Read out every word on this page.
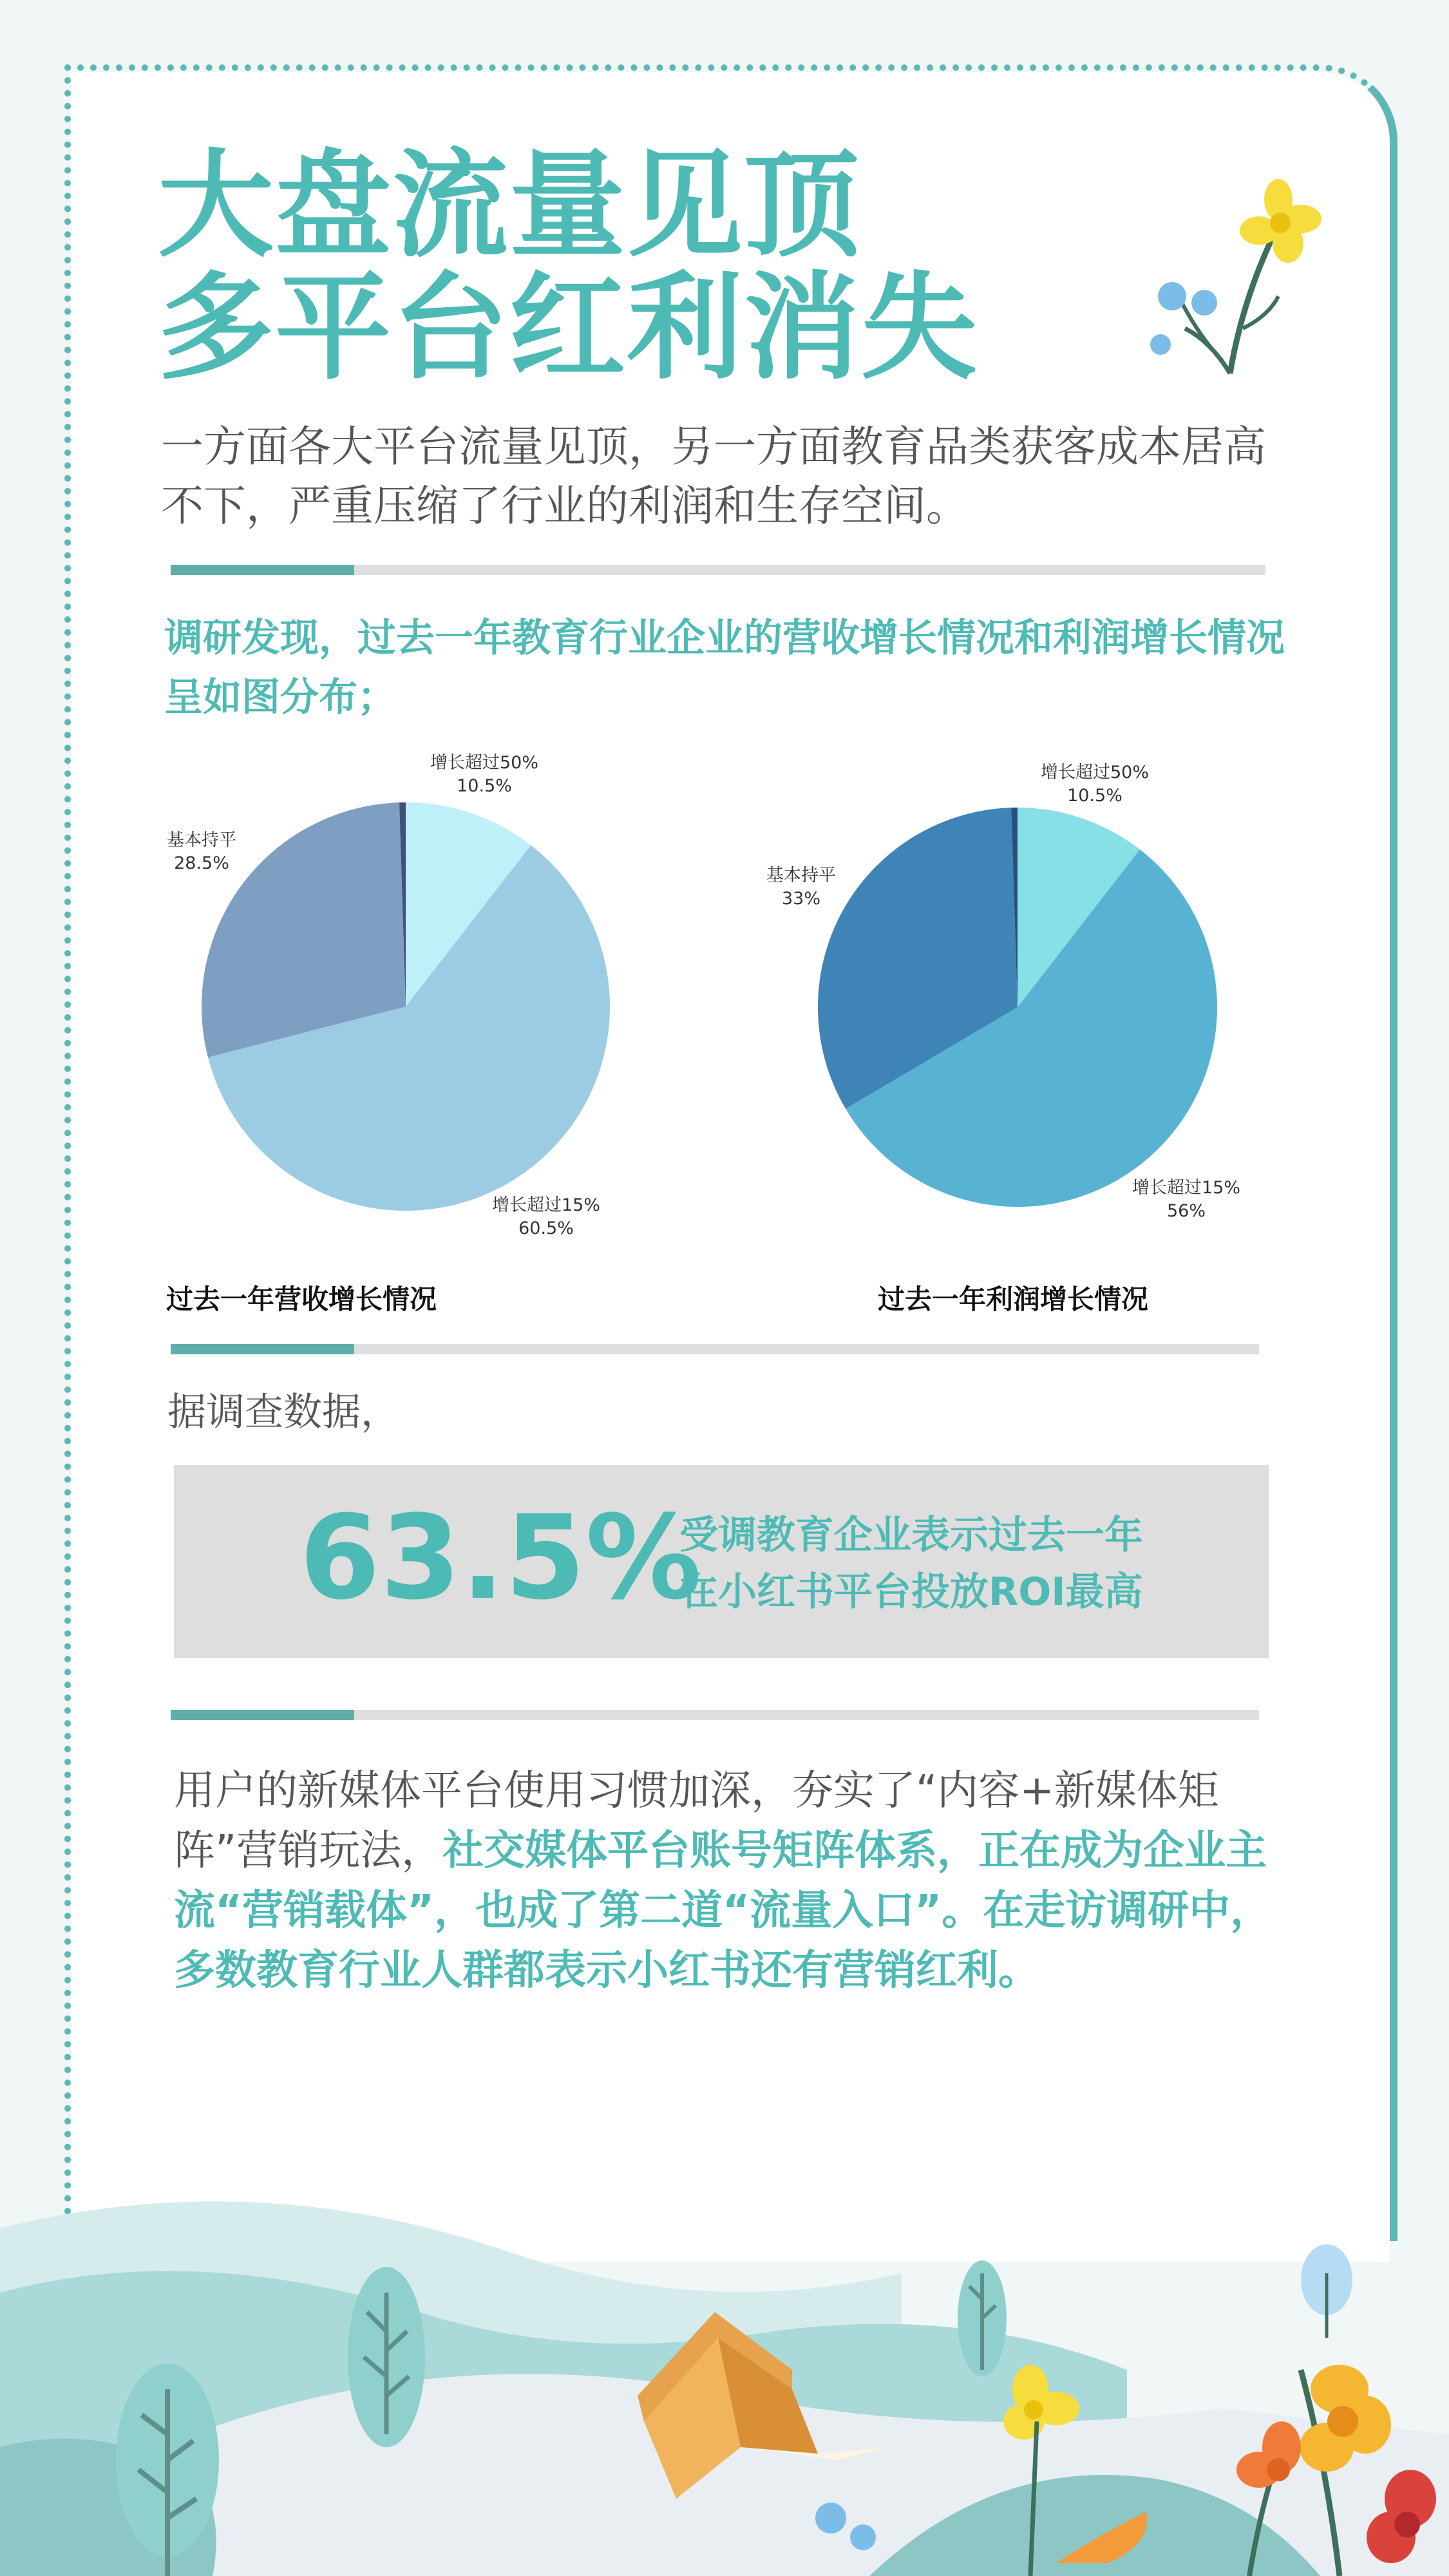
大盘流量见顶
多平台红利消失
一方面各大平台流量见顶，另一方面教育品类获客成本居高不下，严重压缩了行业的利润和生存空间。
调研发现，过去一年教育行业企业的营收增长情况和利润增长情况呈如图分布；
增长超过50%
10.5%
增长超过15%
60.5%
基本持平
28.5%
增长超过50%
10.5%
增长超过15%
56%
基本持平
33%
过去一年营收增长情况	过去一年利润增长情况
据调查数据，
63.5%
受调教育企业表示过去一年
在小红书平台投放ROI最高
用户的新媒体平台使用习惯加深，夯实了“内容+新媒体矩阵”营销玩法，社交媒体平台账号矩阵体系，正在成为企业主流“营销载体”，也成了第二道“流量入口”。在走访调研中，多数教育行业人群都表示小红书还有营销红利。
